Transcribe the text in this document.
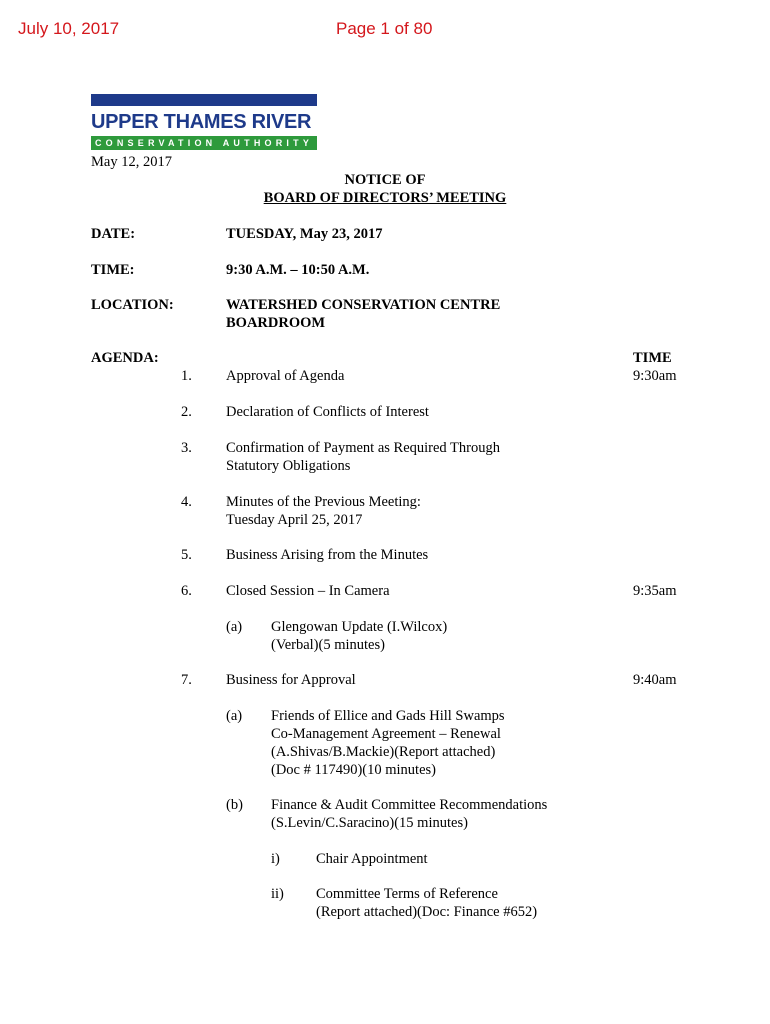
July 10, 2017	Page 1 of 80
UPPER THAMES RIVER
CONSERVATION AUTHORITY
May 12, 2017
NOTICE OF
BOARD OF DIRECTORS’ MEETING
DATE:	TUESDAY, May 23, 2017
TIME:	9:30 A.M. – 10:50 A.M.
LOCATION:	WATERSHED CONSERVATION CENTRE
BOARDROOM
AGENDA:	TIME
1. Approval of Agenda	9:30am
2. Declaration of Conflicts of Interest
3. Confirmation of Payment as Required Through
Statutory Obligations
4. Minutes of the Previous Meeting:
Tuesday April 25, 2017
5. Business Arising from the Minutes
6. Closed Session – In Camera	9:35am
(a) Glengowan Update (I.Wilcox)
(Verbal)(5 minutes)
7. Business for Approval	9:40am
(a) Friends of Ellice and Gads Hill Swamps
Co-Management Agreement – Renewal
(A.Shivas/B.Mackie)(Report attached)
(Doc # 117490)(10 minutes)
(b) Finance & Audit Committee Recommendations
(S.Levin/C.Saracino)(15 minutes)
i) Chair Appointment
ii) Committee Terms of Reference
(Report attached)(Doc: Finance #652)
